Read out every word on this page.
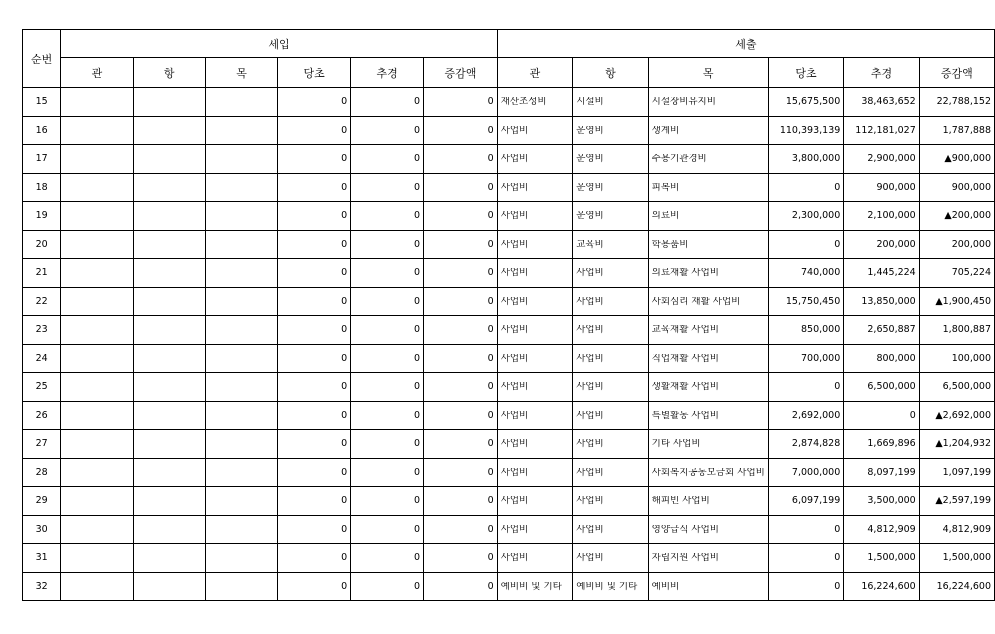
순번	세입						세출					
	관	항	목	당초	추경	증감액	관	항	목	당초	추경	증감액
15				0	0	0	재산조성비	시설비	시설장비유지비	15,675,500	38,463,652	22,788,152
16				0	0	0	사업비	운영비	생계비	110,393,139	112,181,027	1,787,888
17				0	0	0	사업비	운영비	수용기관경비	3,800,000	2,900,000	▲900,000
18				0	0	0	사업비	운영비	피복비	0	900,000	900,000
19				0	0	0	사업비	운영비	의료비	2,300,000	2,100,000	▲200,000
20				0	0	0	사업비	교육비	학용품비	0	200,000	200,000
21				0	0	0	사업비	사업비	의료재활 사업비	740,000	1,445,224	705,224
22				0	0	0	사업비	사업비	사회심리 재활 사업비	15,750,450	13,850,000	▲1,900,450
23				0	0	0	사업비	사업비	교육재활 사업비	850,000	2,650,887	1,800,887
24				0	0	0	사업비	사업비	직업재활 사업비	700,000	800,000	100,000
25				0	0	0	사업비	사업비	생활재활 사업비	0	6,500,000	6,500,000
26				0	0	0	사업비	사업비	특별활동 사업비	2,692,000	0	▲2,692,000
27				0	0	0	사업비	사업비	기타 사업비	2,874,828	1,669,896	▲1,204,932
28				0	0	0	사업비	사업비	사회복지공동모금회 사업비	7,000,000	8,097,199	1,097,199
29				0	0	0	사업비	사업비	해피빈 사업비	6,097,199	3,500,000	▲2,597,199
30				0	0	0	사업비	사업비	영양급식 사업비	0	4,812,909	4,812,909
31				0	0	0	사업비	사업비	자립지원 사업비	0	1,500,000	1,500,000
32				0	0	0	예비비 및 기타	예비비 및 기타	예비비	0	16,224,600	16,224,600
